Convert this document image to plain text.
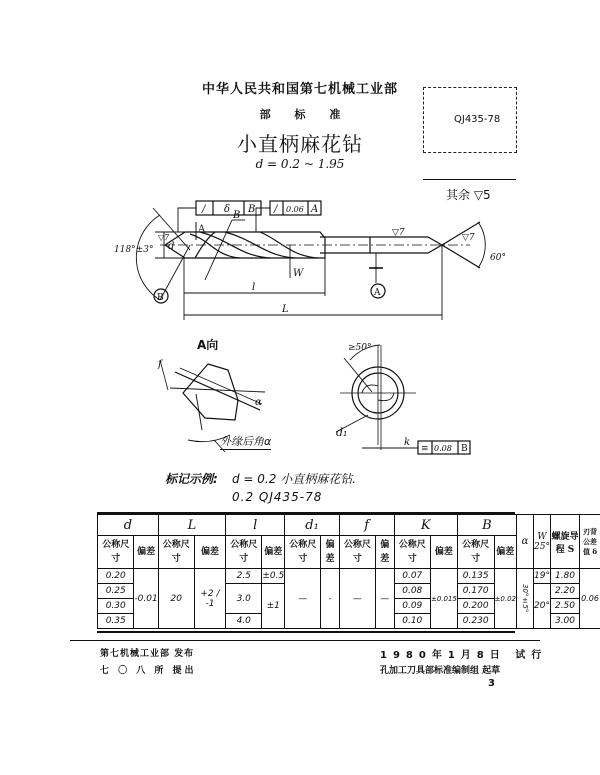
中华人民共和国第七机械工业部
部 标 准
小直柄麻花钻
d = 0.2 ~ 1.95
QJ435-78
其余 ▽5
/ δ B / 0.06 A
A
B
118°±3° d
B	A
W
l
L
60°
▽7	▽7
▽7
f
α
≥50°
d₁
k
≡ 0.08 B
A向
外缘后角α
标记示例: d = 0.2 小直柄麻花钻.
0.2 QJ435-78
d		L		l		d₁		f		K		B		α	W 25°	螺旋导程 S	刃背公差值 δ
公称尺寸	偏差	公称尺寸	偏差	公称尺寸	偏差	公称尺寸	偏差	公称尺寸	偏差	公称尺寸	偏差	公称尺寸	偏差				
0.20	-0.01	20	+2 / -1	2.5	±0.5	—	-	—	—	0.07	±0.015	0.135	±0.02	30°±5°	19°	1.80	0.06
0.25				3.0	±1					0.08		0.170			20°	2.20	
0.30										0.09		0.200				2.50	
0.35				4.0						0.10		0.230				3.00	
第七机械工业部 发布
七 〇 八 所 提出
1980年1月8日 试行
孔加工刀具部标准编制组 起草
3
